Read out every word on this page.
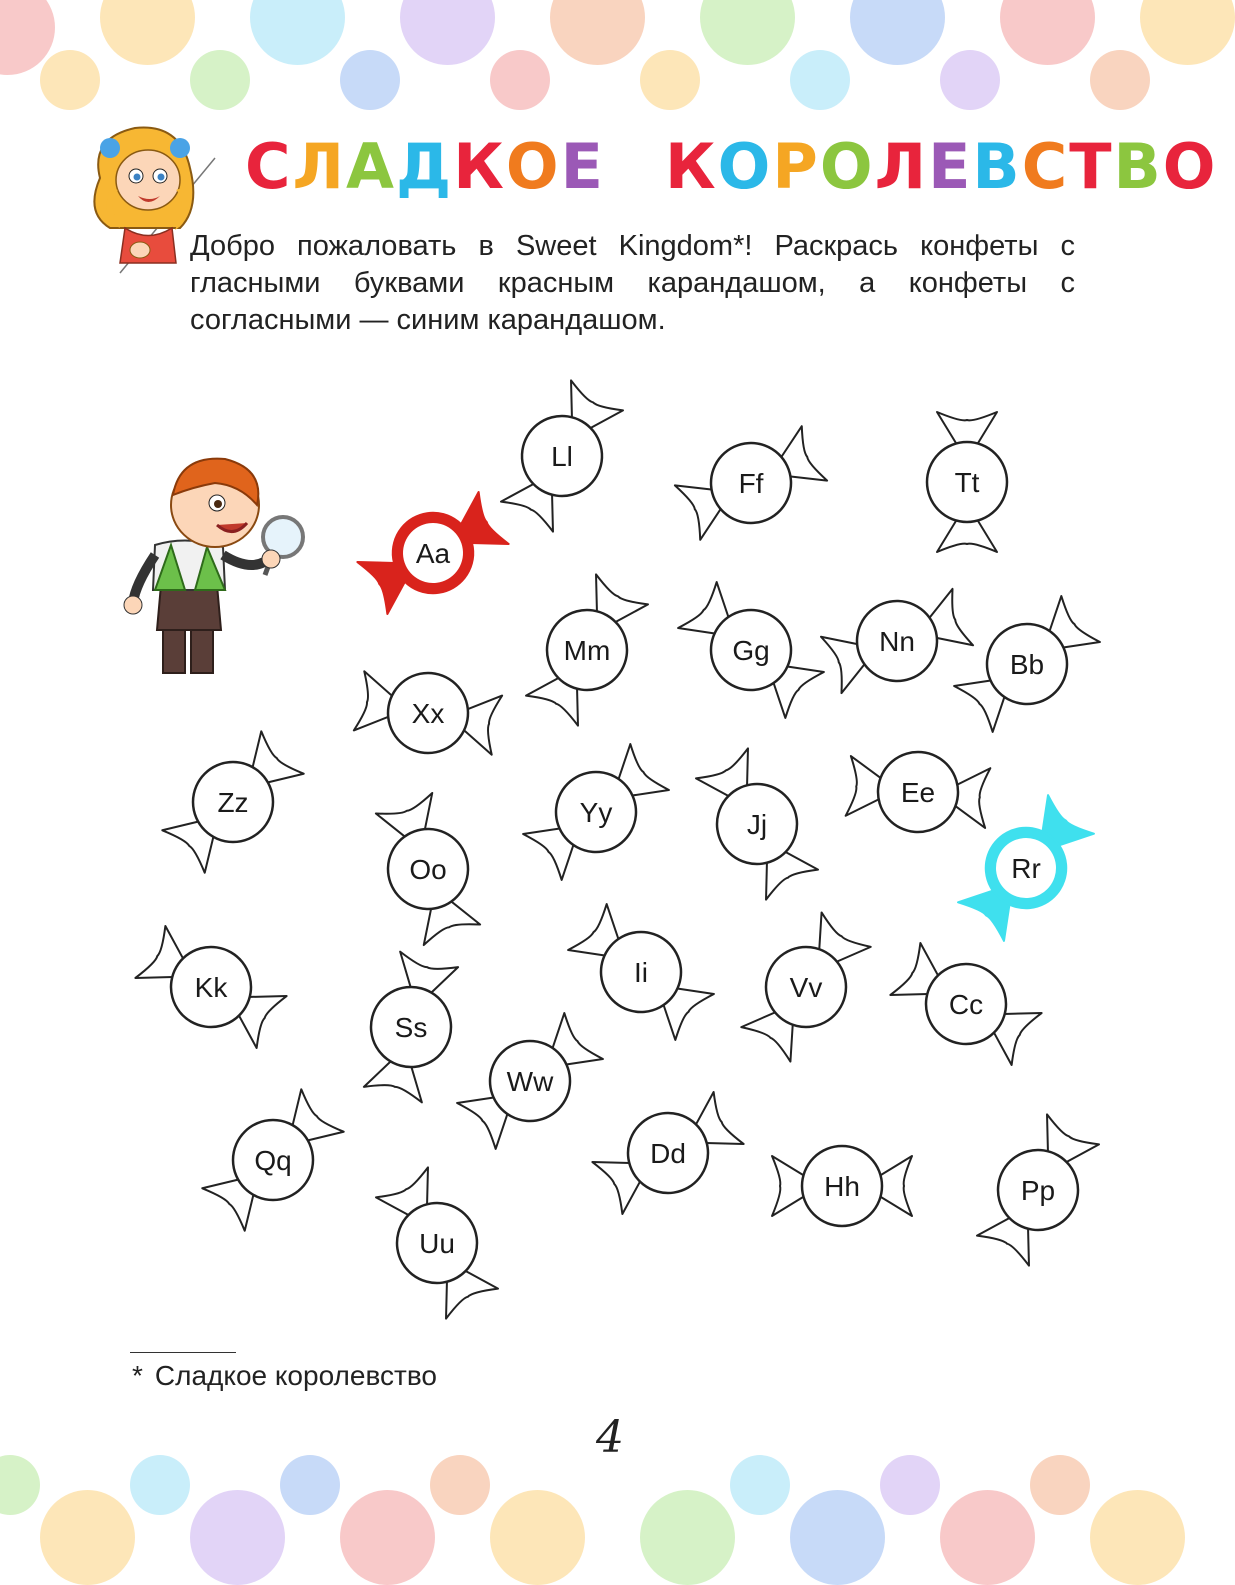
СЛАДКОЕ КОРОЛЕВСТВО

Добро пожаловать в Sweet Kingdom*! Раскрась конфеты с гласными буквами красным карандашом, а конфеты с согласными — синим карандашом.

Ll
Ff	Tt
Aa
Mm	Gg	Nn
Bb
Xx
Zz	Yy	Jj
Ee
Oo	Rr
Kk	Ii	Vv
Cc
Ss
Ww
Qq	Dd
Hh	Pp
Uu
* Сладкое королевство
4
